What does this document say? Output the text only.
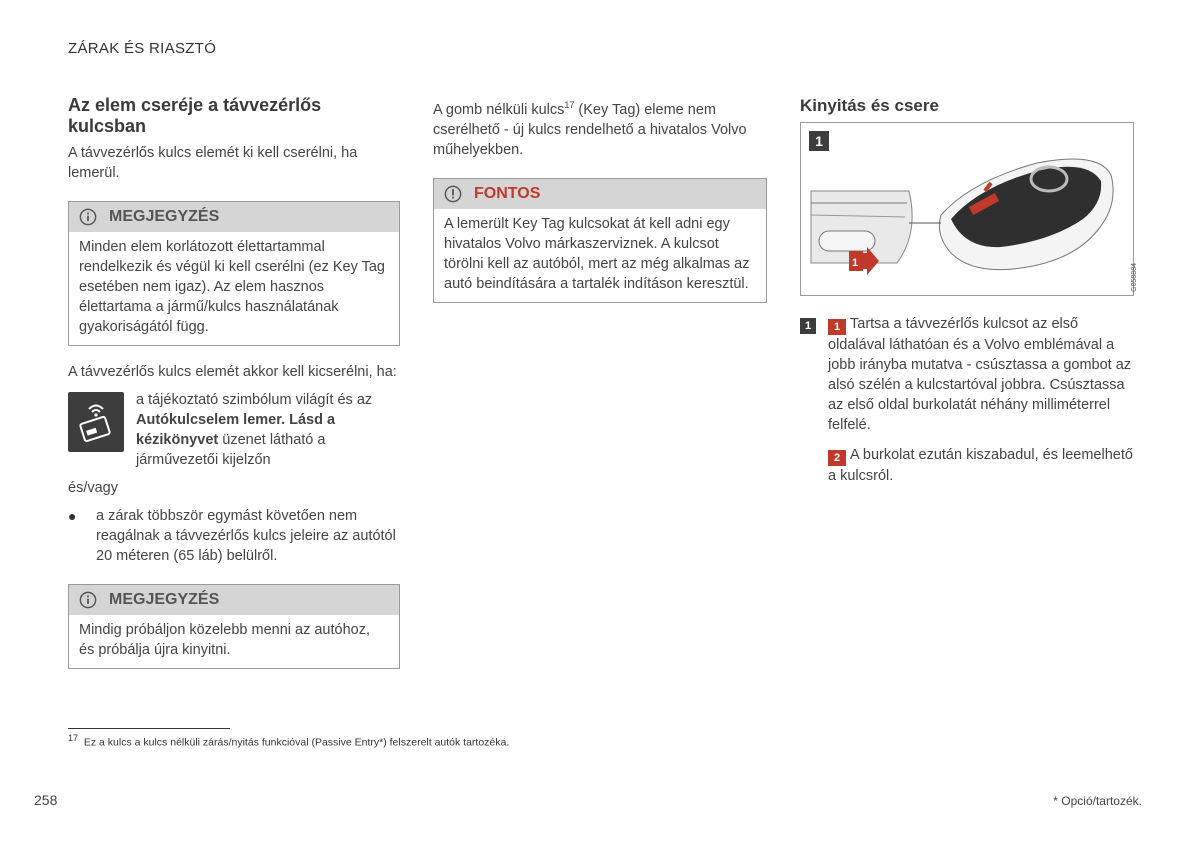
ZÁRAK ÉS RIASZTÓ
Az elem cseréje a távvezérlős kulcsban

A távvezérlős kulcs elemét ki kell cserélni, ha lemerül.

MEGJEGYZÉS
Minden elem korlátozott élettartammal rendelkezik és végül ki kell cserélni (ez Key Tag esetében nem igaz). Az elem hasznos élettartama a jármű/kulcs használatának gyakoriságától függ.

A távvezérlős kulcs elemét akkor kell kicserélni, ha:

a tájékoztató szimbólum világít és az Autókulcselem lemer. Lásd a kézikönyvet üzenet látható a járművezetői kijelzőn

és/vagy

●	a zárak többször egymást követően nem reagálnak a távvezérlős kulcs jeleire az autótól 20 méteren (65 láb) belülről.

MEGJEGYZÉS
Mindig próbáljon közelebb menni az autóhoz, és próbálja újra kinyitni.

A gomb nélküli kulcs$^{17}$ (Key Tag) eleme nem cserélhető - új kulcs rendelhető a hivatalos Volvo műhelyekben.

FONTOS
A lemerült Key Tag kulcsokat át kell adni egy hivatalos Volvo márkaszerviznek. A kulcsot törölni kell az autóból, mert az még alkalmas az autó beindítására a tartalék indításon keresztül.
Kinyitás és csere
1
1	G058884
1	1 Tartsa a távvezérlős kulcsot az első oldalával láthatóan és a Volvo emblémával a jobb irányba mutatva - csúsztassa a gombot az alsó szélén a kulcstartóval jobbra. Csúsztassa az első oldal burkolatát néhány milliméterrel felfelé.

2 A burkolat ezután kiszabadul, és leemelhető a kulcsról.

$^{17}$ Ez a kulcs a kulcs nélküli zárás/nyitás funkcióval (Passive Entry*) felszerelt autók tartozéka.
258	* Opció/tartozék.
